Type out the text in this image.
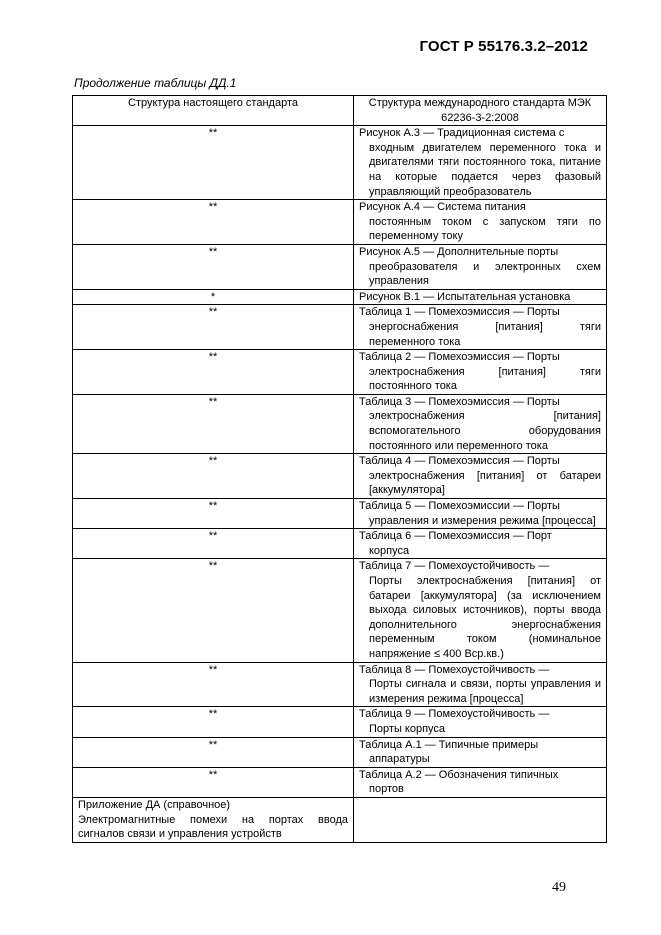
ГОСТ Р 55176.3.2–2012
Продолжение таблицы ДД.1
Структура настоящего стандарта	Структура международного стандарта МЭК 62236-3-2:2008
**	Рисунок А.3 — Традиционная система с
входным двигателем переменного тока и двигателями тяги постоянного тока, питание на которые подается через фазовый управляющий преобразователь

**	Рисунок А.4 — Система питания
постоянным током с запуском тяги по переменному току

**	Рисунок А.5 — Дополнительные порты
преобразователя и электронных схем управления

*	Рисунок В.1 — Испытательная установка

**	Таблица 1 — Помехоэмиссия — Порты
энергоснабжения [питания] тяги переменного тока

**	Таблица 2 — Помехоэмиссия — Порты
электроснабжения [питания] тяги постоянного тока

**	Таблица 3 — Помехоэмиссия — Порты
электроснабжения [питания] вспомогательного оборудования постоянного или переменного тока

**	Таблица 4 — Помехоэмиссия — Порты
электроснабжения [питания] от батареи [аккумулятора]

**	Таблица 5 — Помехоэмиссии — Порты
управления и измерения режима [процесса]

**	Таблица 6 — Помехоэмиссия — Порт
корпуса

**	Таблица 7 — Помехоустойчивость —
Порты электроснабжения [питания] от батареи [аккумулятора] (за исключением выхода силовых источников), порты ввода дополнительного энергоснабжения переменным током (номинальное напряжение ≤ 400 Вср.кв.)

**	Таблица 8 — Помехоустойчивость —
Порты сигнала и связи, порты управления и измерения режима [процесса]

**	Таблица 9 — Помехоустойчивость —
Порты корпуса

**	Таблица А.1 — Типичные примеры
аппаратуры

**	Таблица А.2 — Обозначения типичных
портов

Приложение ДА (справочное)
Электромагнитные помехи на портах ввода сигналов связи и управления устройств	

49
